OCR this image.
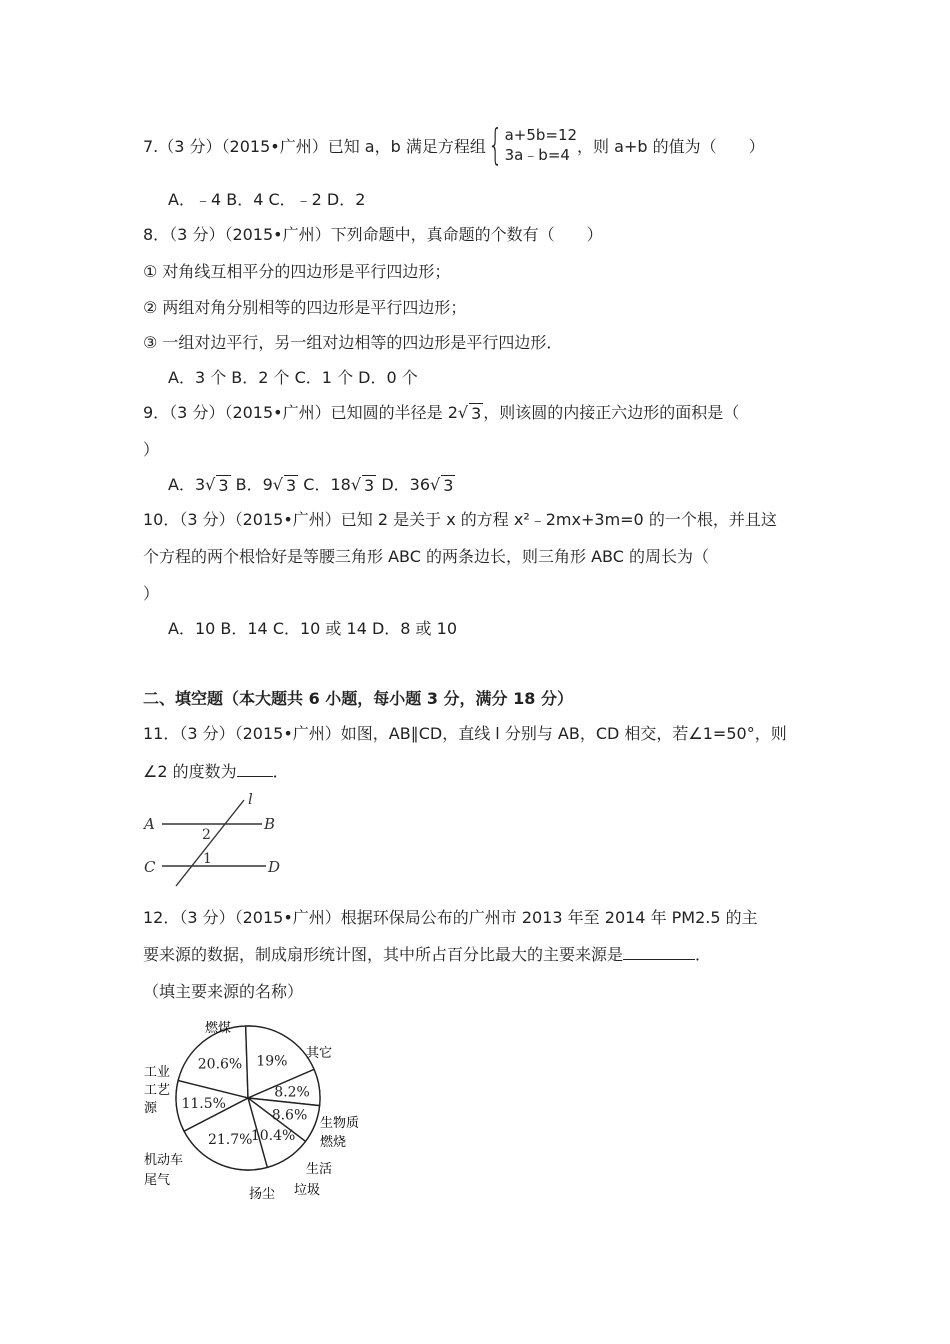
7.（3 分）（2015•广州）已知 a，b 满足方程组 { a+5b=12
3a﹣b=4 ，则 a+b 的值为（　　）
A．﹣4 B．4 C．﹣2 D．2
8．（3 分）（2015•广州）下列命题中，真命题的个数有（　　）
① 对角线互相平分的四边形是平行四边形；
② 两组对角分别相等的四边形是平行四边形；
③ 一组对边平行，另一组对边相等的四边形是平行四边形．
A．3 个 B．2 个 C．1 个 D．0 个
9．（3 分）（2015•广州）已知圆的半径是 2√ 3 ，则该圆的内接正六边形的面积是（
）
A．3√ 3 B．9√ 3 C．18√ 3 D．36√ 3
10．（3 分）（2015•广州）已知 2 是关于 x 的方程 x²﹣2mx+3m=0 的一个根，并且这
个方程的两个根恰好是等腰三角形 ABC 的两条边长，则三角形 ABC 的周长为（
）
A．10 B．14 C．10 或 14 D．8 或 10
二、填空题（本大题共 6 小题，每小题 3 分，满分 18 分）
11．（3 分）（2015•广州）如图，AB∥CD，直线 l 分别与 AB，CD 相交，若∠1=50°，则
∠2 的度数为 ．
A	B
C	D
l
2
1
12．（3 分）（2015•广州）根据环保局公布的广州市 2013 年至 2014 年 PM2.5 的主
要来源的数据，制成扇形统计图，其中所占百分比最大的主要来源是	．
（填主要来源的名称）
20.6% 19%
8.2%
8.6%
10.4%
21.7%
11.5%
燃煤
其它
生物质
燃烧
生活
垃圾
扬尘
机动车
尾气
工业
工艺
源
